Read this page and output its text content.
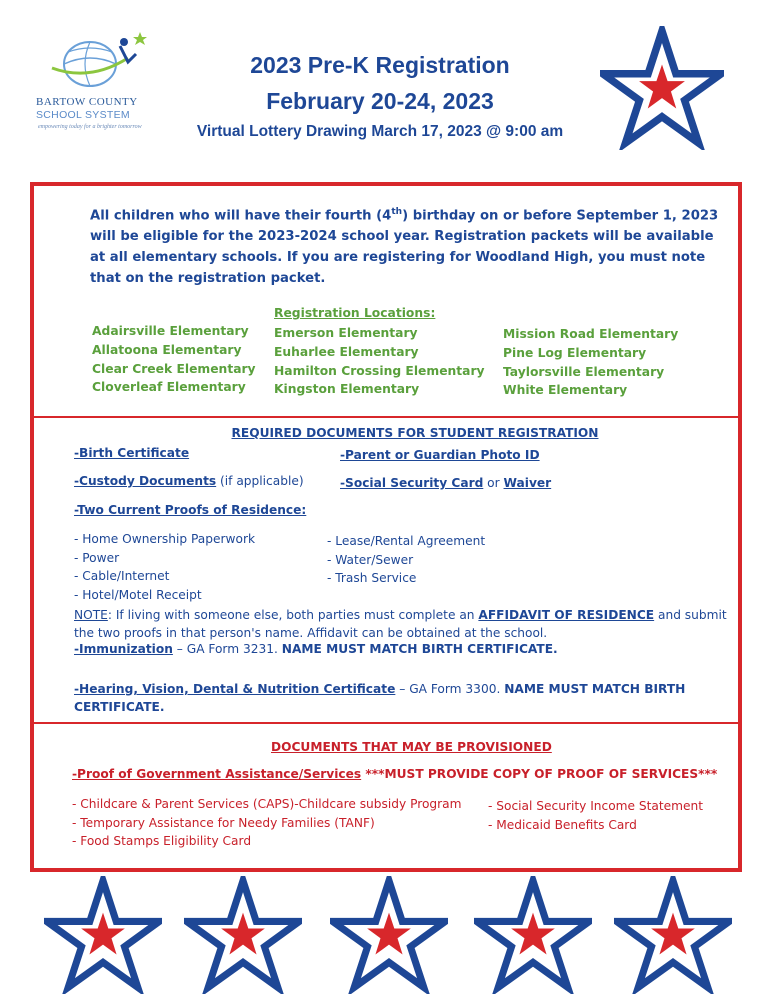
BARTOW COUNTY
SCHOOL SYSTEM
empowering today for a brighter tomorrow
2023 Pre-K Registration
February 20-24, 2023
Virtual Lottery Drawing March 17, 2023 @ 9:00 am
All children who will have their fourth (4th) birthday on or before September 1, 2023 will be eligible for the 2023-2024 school year. Registration packets will be available at all elementary schools. If you are registering for Woodland High, you must note that on the registration packet.
Registration Locations:
Adairsville Elementary
Allatoona Elementary
Clear Creek Elementary
Cloverleaf Elementary
Emerson Elementary
Euharlee Elementary
Hamilton Crossing Elementary
Kingston Elementary
Mission Road Elementary
Pine Log Elementary
Taylorsville Elementary
White Elementary
REQUIRED DOCUMENTS FOR STUDENT REGISTRATION
-Birth Certificate	-Parent or Guardian Photo ID
-Custody Documents (if applicable)	-Social Security Card or Waiver
-Two Current Proofs of Residence:
- Home Ownership Paperwork
- Power
- Cable/Internet
- Hotel/Motel Receipt
- Lease/Rental Agreement
- Water/Sewer
- Trash Service
NOTE: If living with someone else, both parties must complete an AFFIDAVIT OF RESIDENCE and submit the two proofs in that person's name. Affidavit can be obtained at the school.
-Immunization – GA Form 3231. NAME MUST MATCH BIRTH CERTIFICATE.
-Hearing, Vision, Dental & Nutrition Certificate – GA Form 3300. NAME MUST MATCH BIRTH CERTIFICATE.
DOCUMENTS THAT MAY BE PROVISIONED
-Proof of Government Assistance/Services ***MUST PROVIDE COPY OF PROOF OF SERVICES***
- Childcare & Parent Services (CAPS)-Childcare subsidy Program
- Temporary Assistance for Needy Families (TANF)
- Food Stamps Eligibility Card
- Social Security Income Statement
- Medicaid Benefits Card
